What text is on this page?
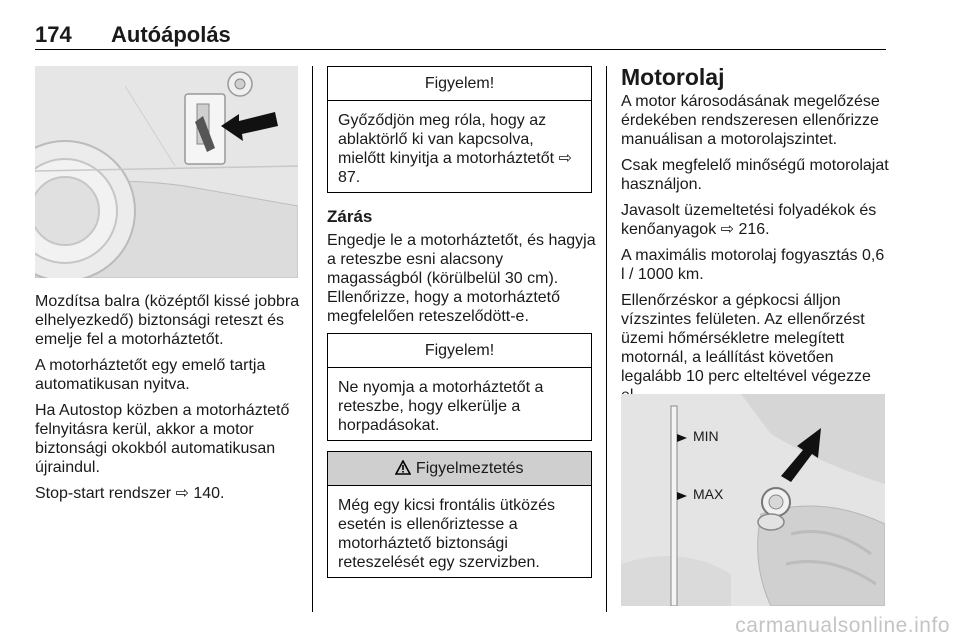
174 Autóápolás

Mozdítsa balra (középtől kissé jobbra elhelyezkedő) biztonsági reteszt és emelje fel a motorháztetőt.

A motorháztetőt egy emelő tartja automatikusan nyitva.

Ha Autostop közben a motorháztető felnyitásra kerül, akkor a motor biztonsági okokból automatikusan újraindul.

Stop-start rendszer ⇨ 140.

Figyelem!
Győződjön meg róla, hogy az ablaktörlő ki van kapcsolva, mielőtt kinyitja a motorháztetőt ⇨ 87.
Zárás

Engedje le a motorháztetőt, és hagyja a reteszbe esni alacsony magasságból (körülbelül 30 cm). Ellenőrizze, hogy a motorháztető megfelelően reteszelődött-e.

Figyelem!
Ne nyomja a motorháztetőt a reteszbe, hogy elkerülje a horpadásokat.
Figyelmeztetés
Még egy kicsi frontális ütközés esetén is ellenőriztesse a motorháztető biztonsági reteszelését egy szervizben.
Motorolaj

A motor károsodásának megelőzése érdekében rendszeresen ellenőrizze manuálisan a motorolajszintet.

Csak megfelelő minőségű motorolajat használjon.

Javasolt üzemeltetési folyadékok és kenőanyagok ⇨ 216.

A maximális motorolaj fogyasztás 0,6 l / 1000 km.

Ellenőrzéskor a gépkocsi álljon vízszintes felületen. Az ellenőrzést üzemi hőmérsékletre melegített motornál, a leállítást követően legalább 10 perc elteltével végezze

MIN
MAX
carmanualsonline.info
